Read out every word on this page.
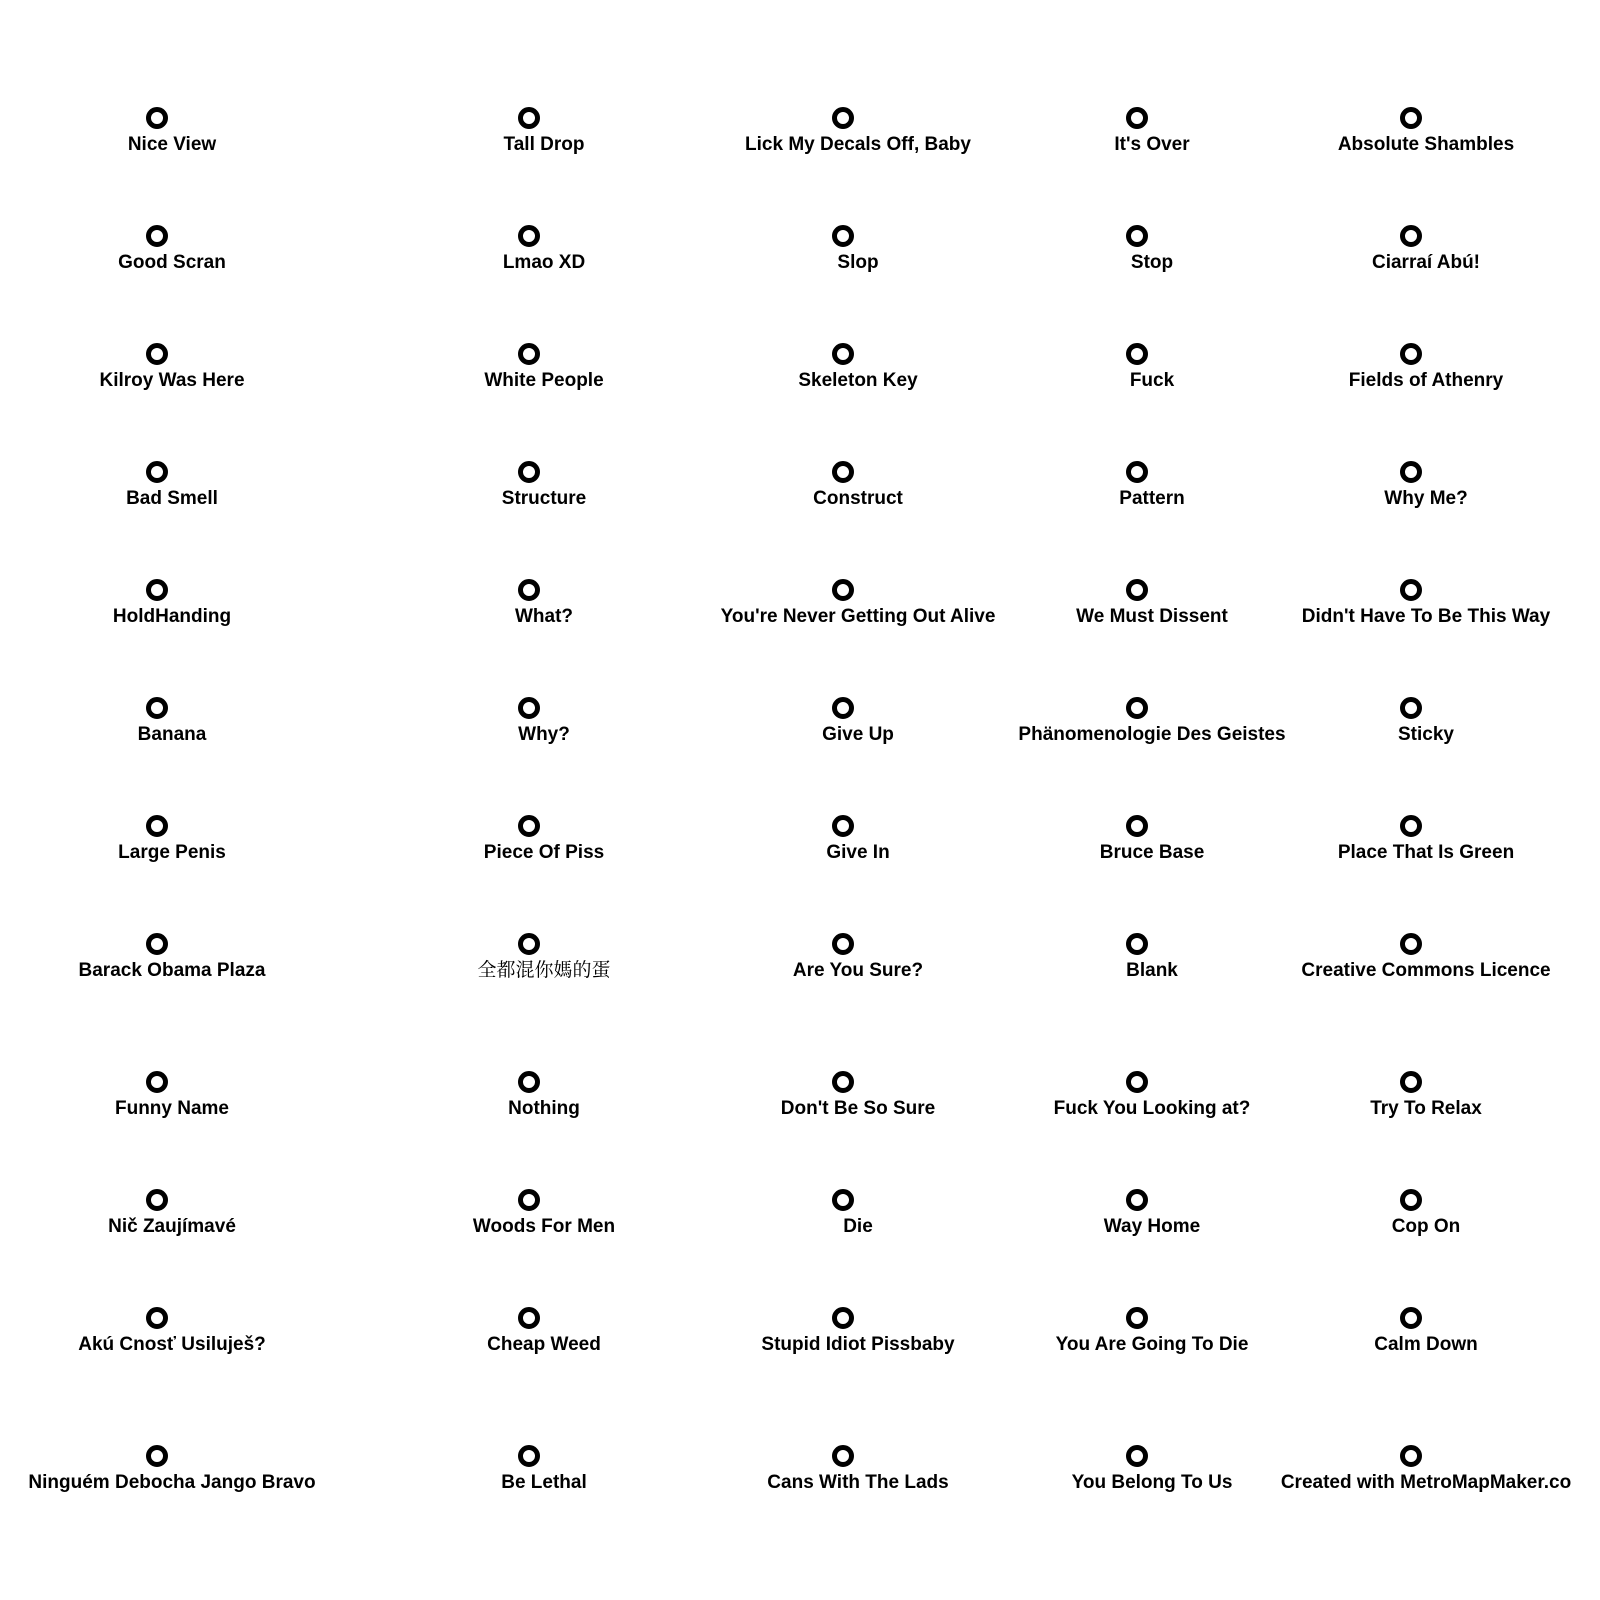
Nice View
Good Scran
Kilroy Was Here
Bad Smell
HoldHanding
Banana
Large Penis
Barack Obama Plaza
Funny Name
Nič Zaujímavé
Akú Cnosť Usiluješ?
Ninguém Debocha Jango Bravo
Tall Drop
Lmao XD
White People
Structure
What?
Why?
Piece Of Piss
全都混你媽的蛋
Nothing
Woods For Men
Cheap Weed
Be Lethal
Lick My Decals Off, Baby
Slop
Skeleton Key
Construct
You're Never Getting Out Alive
Give Up
Give In
Are You Sure?
Don't Be So Sure
Die
Stupid Idiot Pissbaby
Cans With The Lads
It's Over
Stop
Fuck
Pattern
We Must Dissent
Phänomenologie Des Geistes
Bruce Base
Blank
Fuck You Looking at?
Way Home
You Are Going To Die
You Belong To Us
Absolute Shambles
Ciarraí Abú!
Fields of Athenry
Why Me?
Didn't Have To Be This Way
Sticky
Place That Is Green
Creative Commons Licence
Try To Relax
Cop On
Calm Down
Created with MetroMapMaker.co
